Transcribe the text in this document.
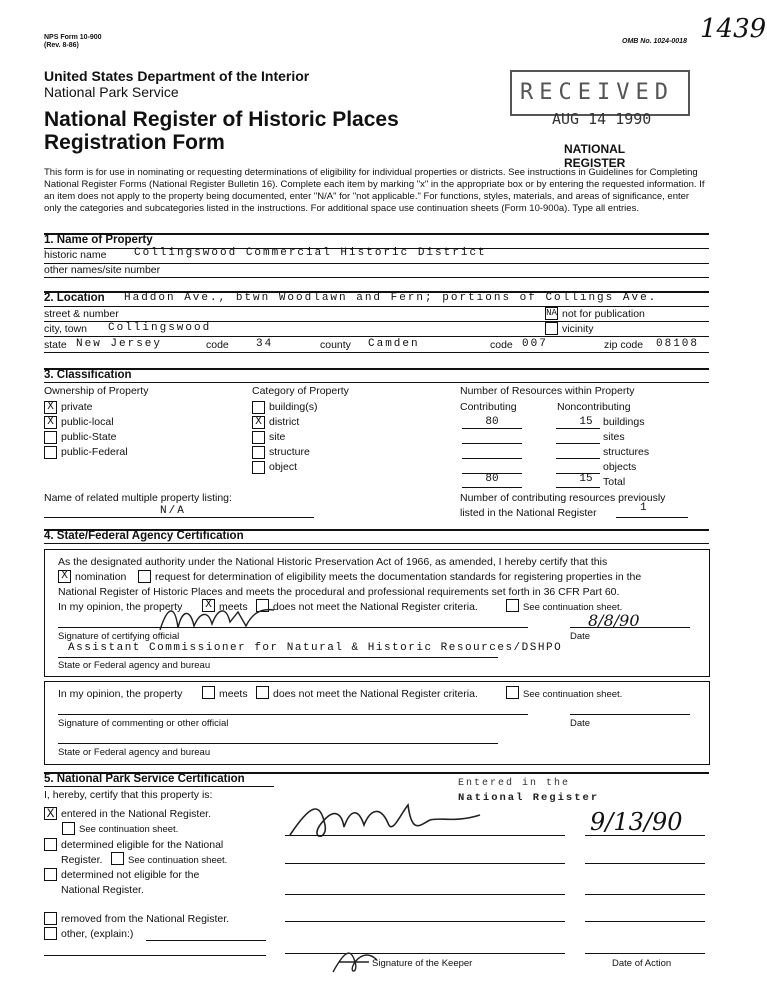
NPS Form 10-900
(Rev. 8-86)
OMB No. 1024-0018 1439
United States Department of the Interior
National Park Service
National Register of Historic Places
Registration Form
RECEIVED
AUG 14 1990
NATIONAL
REGISTER
This form is for use in nominating or requesting determinations of eligibility for individual properties or districts. See instructions in Guidelines for Completing National Register Forms (National Register Bulletin 16). Complete each item by marking "x" in the appropriate box or by entering the requested information. If an item does not apply to the property being documented, enter "N/A" for "not applicable." For functions, styles, materials, and areas of significance, enter only the categories and subcategories listed in the instructions. For additional space use continuation sheets (Form 10-900a). Type all entries.
1. Name of Property
historic name	Collingswood Commercial Historic District
other names/site number
2. Location Haddon Ave., btwn Woodlawn and Fern; portions of Collings Ave.
street & number	NA not for publication
city, town Collingswood	vicinity
state New Jersey	code 34	county Camden	code 007	zip code 08108
3. Classification
Ownership of Property
X private
X public-local
public-State
public-Federal
Category of Property
building(s)
X district
site
structure
object
Number of Resources within Property
Contributing	Noncontributing
80	15 buildings
sites
structures
objects
80	15 Total
Name of related multiple property listing:
N/A
Number of contributing resources previously
listed in the National Register	1
4. State/Federal Agency Certification
As the designated authority under the National Historic Preservation Act of 1966, as amended, I hereby certify that this
X nomination	request for determination of eligibility meets the documentation standards for registering properties in the
National Register of Historic Places and meets the procedural and professional requirements set forth in 36 CFR Part 60.
In my opinion, the property X meets does not meet the National Register criteria.	See continuation sheet.
Signature of certifying official
8/8/90
Date
Assistant Commissioner for Natural & Historic Resources/DSHPO
State or Federal agency and bureau
In my opinion, the property	meets does not meet the National Register criteria.	See continuation sheet.
Signature of commenting or other official	Date
State or Federal agency and bureau
5. National Park Service Certification
I, hereby, certify that this property is:
X entered in the National Register.
See continuation sheet.
determined eligible for the National
Register.	See continuation sheet.
determined not eligible for the
National Register.
removed from the National Register.
other, (explain:)
Entered in the
National Register
9/13/90
Signature of the Keeper	Date of Action
